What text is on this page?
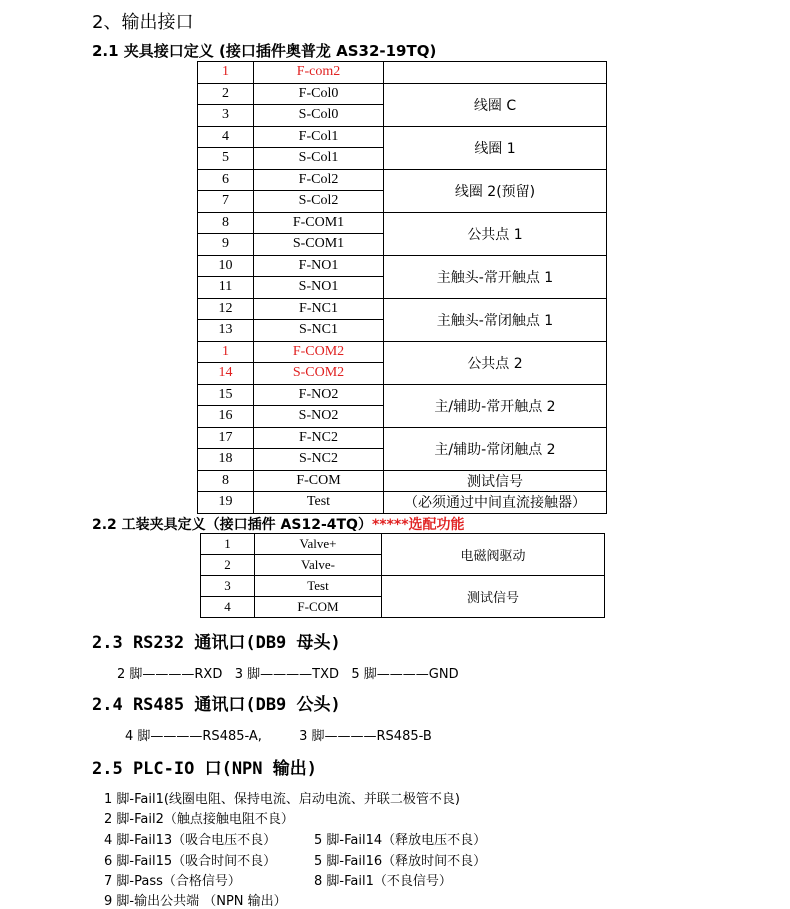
2、输出接口
2.1 夹具接口定义 (接口插件奥普龙 AS32-19TQ)
1	F-com2	
2	F-Col0	线圈 C
3	S-Col0	
4	F-Col1	线圈 1
5	S-Col1	
6	F-Col2	线圈 2(预留)
7	S-Col2	
8	F-COM1	公共点 1
9	S-COM1	
10	F-NO1	主触头-常开触点 1
11	S-NO1	
12	F-NC1	主触头-常闭触点 1
13	S-NC1	
1	F-COM2	公共点 2
14	S-COM2	
15	F-NO2	主/辅助-常开触点 2
16	S-NO2	
17	F-NC2	主/辅助-常闭触点 2
18	S-NC2	
8	F-COM	测试信号
19	Test	（必须通过中间直流接触器）
2.2 工装夹具定义（接口插件 AS12-4TQ）*****选配功能
1	Valve+	电磁阀驱动
2	Valve-	
3	Test	测试信号
4	F-COM	
2.3 RS232 通讯口(DB9 母头)
2 脚————RXD   3 脚————TXD   5 脚————GND
2.4 RS485 通讯口(DB9 公头)
4 脚————RS485-A,         3 脚————RS485-B
2.5 PLC-IO 口(NPN 输出)
1 脚-Fail1(线圈电阻、保持电流、启动电流、并联二极管不良)
2 脚-Fail2（触点接触电阻不良）
4 脚-Fail13（吸合电压不良）	5 脚-Fail14（释放电压不良）
6 脚-Fail15（吸合时间不良）	5 脚-Fail16（释放时间不良）
7 脚-Pass（合格信号）	8 脚-Fail1（不良信号）
9 脚-输出公共端 （NPN 输出）
